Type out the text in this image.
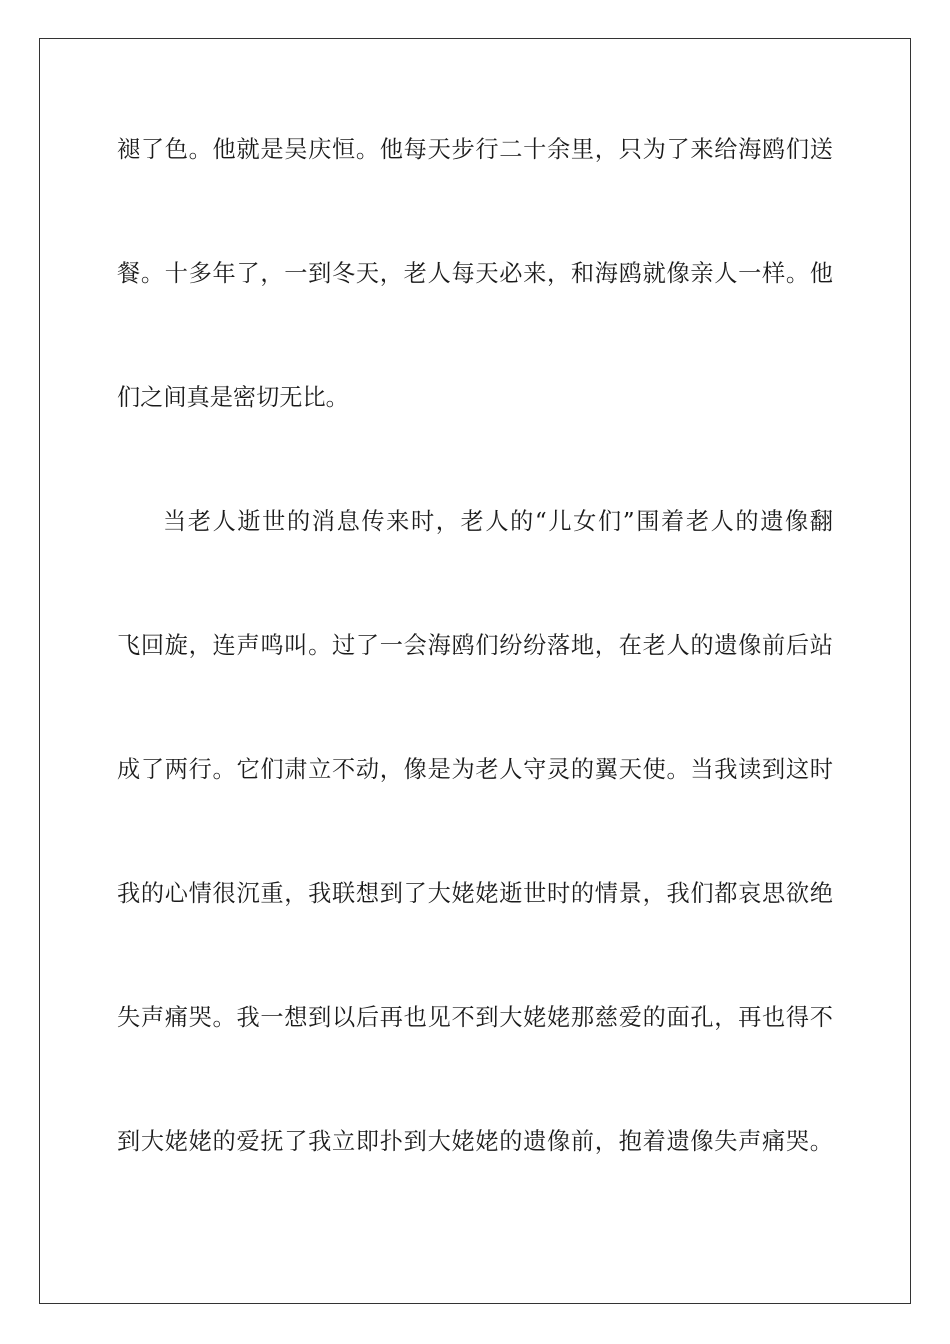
褪了色。他就是吴庆恒。他每天步行二十余里，只为了来给海鸥们送
餐。十多年了，一到冬天，老人每天必来，和海鸥就像亲人一样。他
们之间真是密切无比。
当老人逝世的消息传来时，老人的“儿女们”围着老人的遗像翻
飞回旋，连声鸣叫。过了一会海鸥们纷纷落地，在老人的遗像前后站
成了两行。它们肃立不动，像是为老人守灵的翼天使。当我读到这时
我的心情很沉重，我联想到了大姥姥逝世时的情景，我们都哀思欲绝
失声痛哭。我一想到以后再也见不到大姥姥那慈爱的面孔，再也得不
到大姥姥的爱抚了我立即扑到大姥姥的遗像前，抱着遗像失声痛哭。
